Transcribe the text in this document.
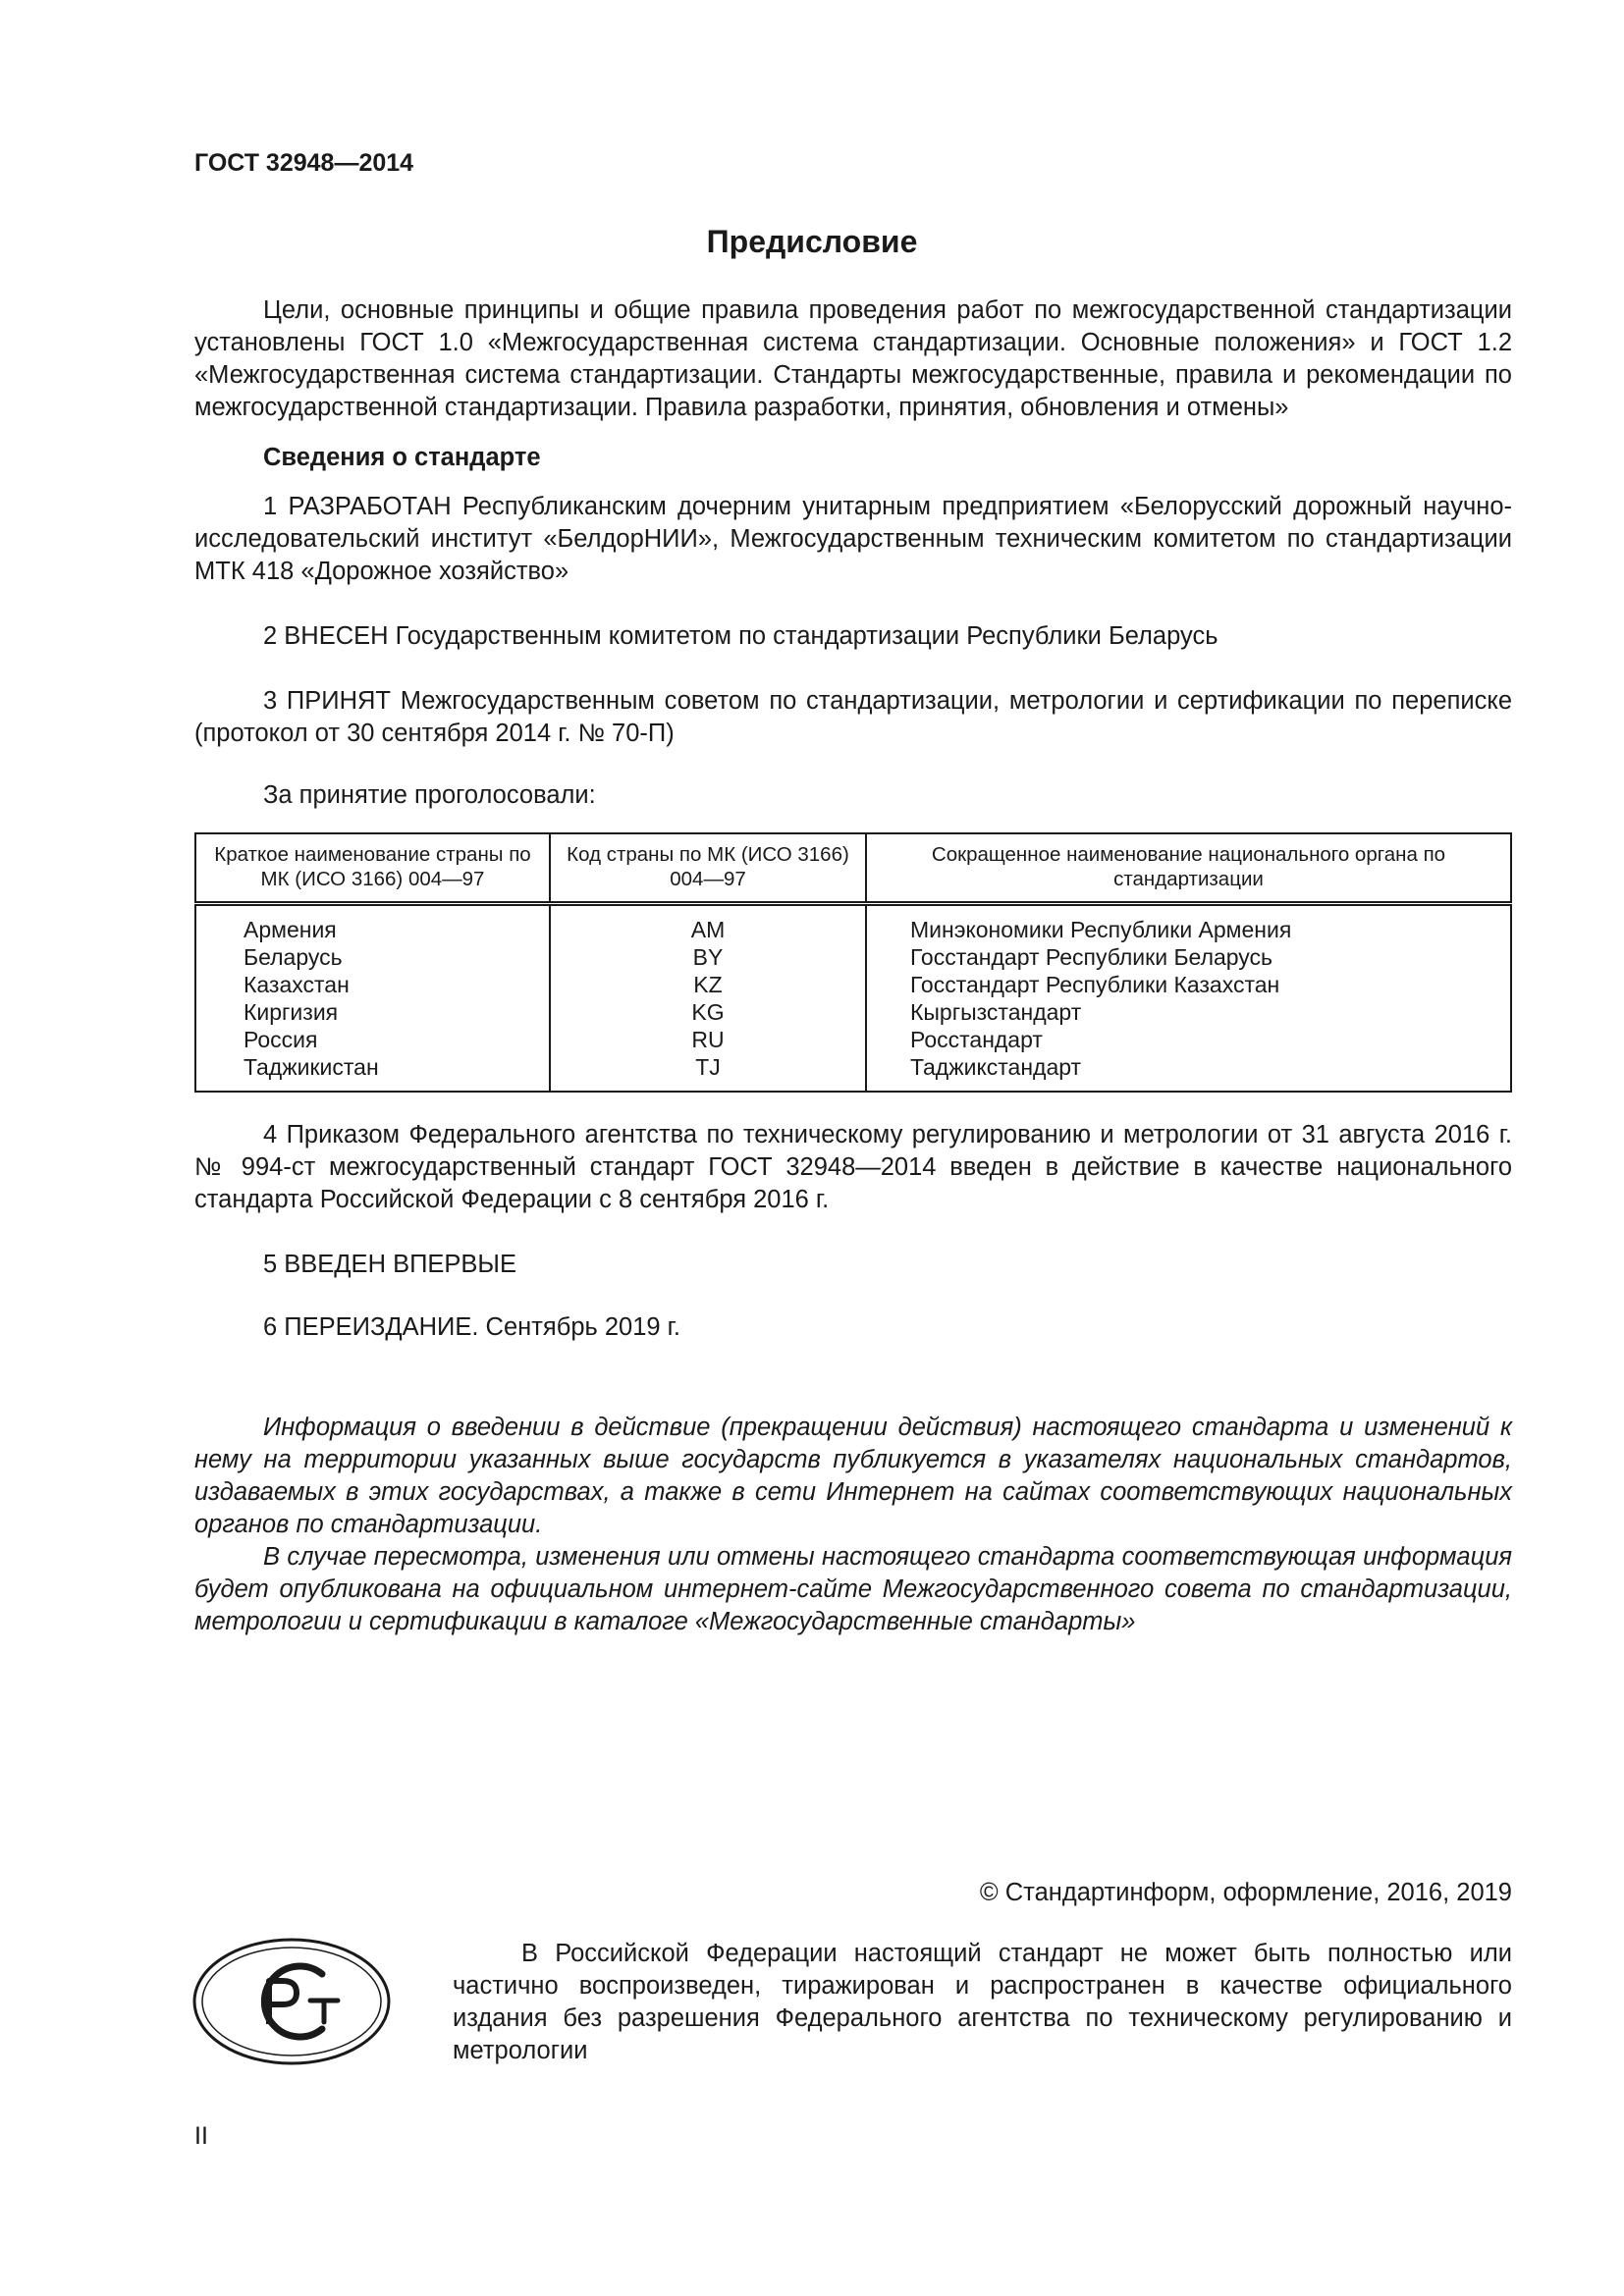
ГОСТ 32948—2014
Предисловие
Цели, основные принципы и общие правила проведения работ по межгосударственной стандартизации установлены ГОСТ 1.0 «Межгосударственная система стандартизации. Основные положения» и ГОСТ 1.2 «Межгосударственная система стандартизации. Стандарты межгосударственные, правила и рекомендации по межгосударственной стандартизации. Правила разработки, принятия, обновления и отмены»
Сведения о стандарте
1 РАЗРАБОТАН Республиканским дочерним унитарным предприятием «Белорусский дорожный научно-исследовательский институт «БелдорНИИ», Межгосударственным техническим комитетом по стандартизации МТК 418 «Дорожное хозяйство»
2 ВНЕСЕН Государственным комитетом по стандартизации Республики Беларусь
3 ПРИНЯТ Межгосударственным советом по стандартизации, метрологии и сертификации по переписке (протокол от 30 сентября 2014 г. № 70-П)
За принятие проголосовали:
Краткое наименование страны по МК (ИСО 3166) 004—97	Код страны по МК (ИСО 3166) 004—97	Сокращенное наименование национального органа по стандартизации
Армения	AM	Минэкономики Республики Армения
Беларусь	BY	Госстандарт Республики Беларусь
Казахстан	KZ	Госстандарт Республики Казахстан
Киргизия	KG	Кыргызстандарт
Россия	RU	Росстандарт
Таджикистан	TJ	Таджикстандарт
4 Приказом Федерального агентства по техническому регулированию и метрологии от 31 августа 2016 г. № 994-ст межгосударственный стандарт ГОСТ 32948—2014 введен в действие в качестве национального стандарта Российской Федерации с 8 сентября 2016 г.
5 ВВЕДЕН ВПЕРВЫЕ
6 ПЕРЕИЗДАНИЕ. Сентябрь 2019 г.
Информация о введении в действие (прекращении действия) настоящего стандарта и изменений к нему на территории указанных выше государств публикуется в указателях национальных стандартов, издаваемых в этих государствах, а также в сети Интернет на сайтах соответствующих национальных органов по стандартизации.
В случае пересмотра, изменения или отмены настоящего стандарта соответствующая информация будет опубликована на официальном интернет-сайте Межгосударственного совета по стандартизации, метрологии и сертификации в каталоге «Межгосударственные стандарты»
© Стандартинформ, оформление, 2016, 2019
В Российской Федерации настоящий стандарт не может быть полностью или частично воспроизведен, тиражирован и распространен в качестве официального издания без разрешения Федерального агентства по техническому регулированию и метрологии
II
